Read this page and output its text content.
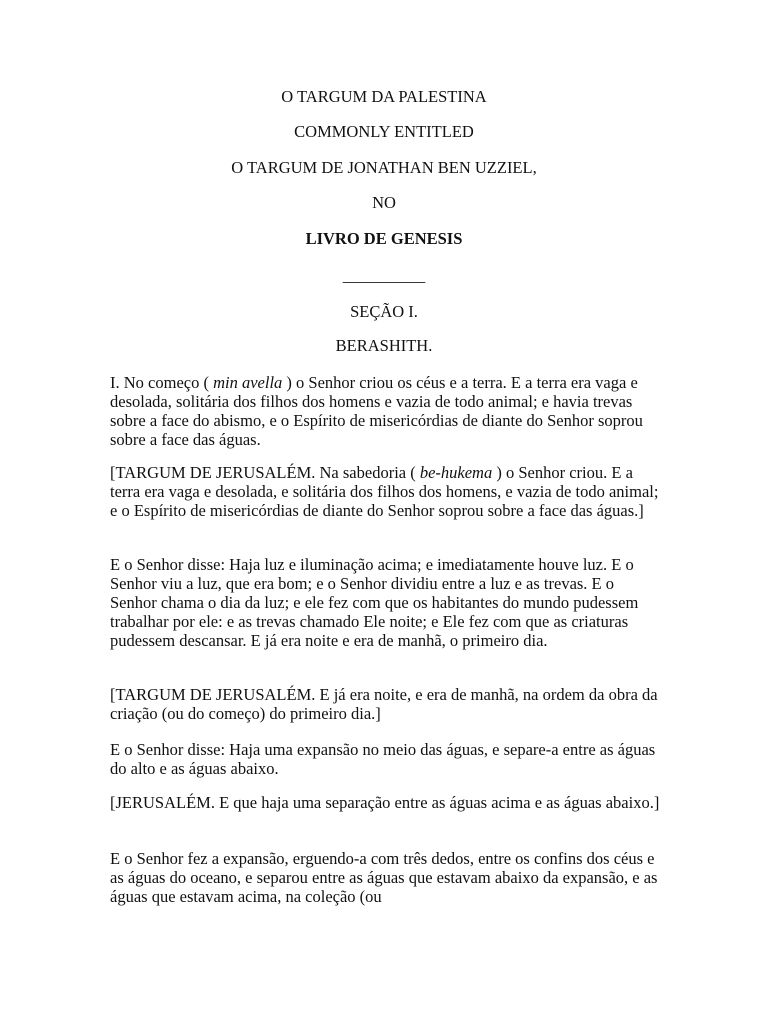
O TARGUM DA PALESTINA
COMMONLY ENTITLED
O TARGUM DE JONATHAN BEN UZZIEL,
NO
LIVRO DE GENESIS
__________
SEÇÃO I.
BERASHITH.

I. No começo ( min avella ) o Senhor criou os céus e a terra. E a terra era vaga e desolada, solitária dos filhos dos homens e vazia de todo animal; e havia trevas sobre a face do abismo, e o Espírito de misericórdias de diante do Senhor soprou sobre a face das águas.

[TARGUM DE JERUSALÉM. Na sabedoria ( be-hukema ) o Senhor criou. E a terra era vaga e desolada, e solitária dos filhos dos homens, e vazia de todo animal; e o Espírito de misericórdias de diante do Senhor soprou sobre a face das águas.]

E o Senhor disse: Haja luz e iluminação acima; e imediatamente houve luz. E o Senhor viu a luz, que era bom; e o Senhor dividiu entre a luz e as trevas. E o Senhor chama o dia da luz; e ele fez com que os habitantes do mundo pudessem trabalhar por ele: e as trevas chamado Ele noite; e Ele fez com que as criaturas pudessem descansar. E já era noite e era de manhã, o primeiro dia.

[TARGUM DE JERUSALÉM. E já era noite, e era de manhã, na ordem da obra da criação (ou do começo) do primeiro dia.]

E o Senhor disse: Haja uma expansão no meio das águas, e separe-a entre as águas do alto e as águas abaixo.

[JERUSALÉM. E que haja uma separação entre as águas acima e as águas abaixo.]

E o Senhor fez a expansão, erguendo-a com três dedos, entre os confins dos céus e as águas do oceano, e separou entre as águas que estavam abaixo da expansão, e as águas que estavam acima, na coleção (ou
